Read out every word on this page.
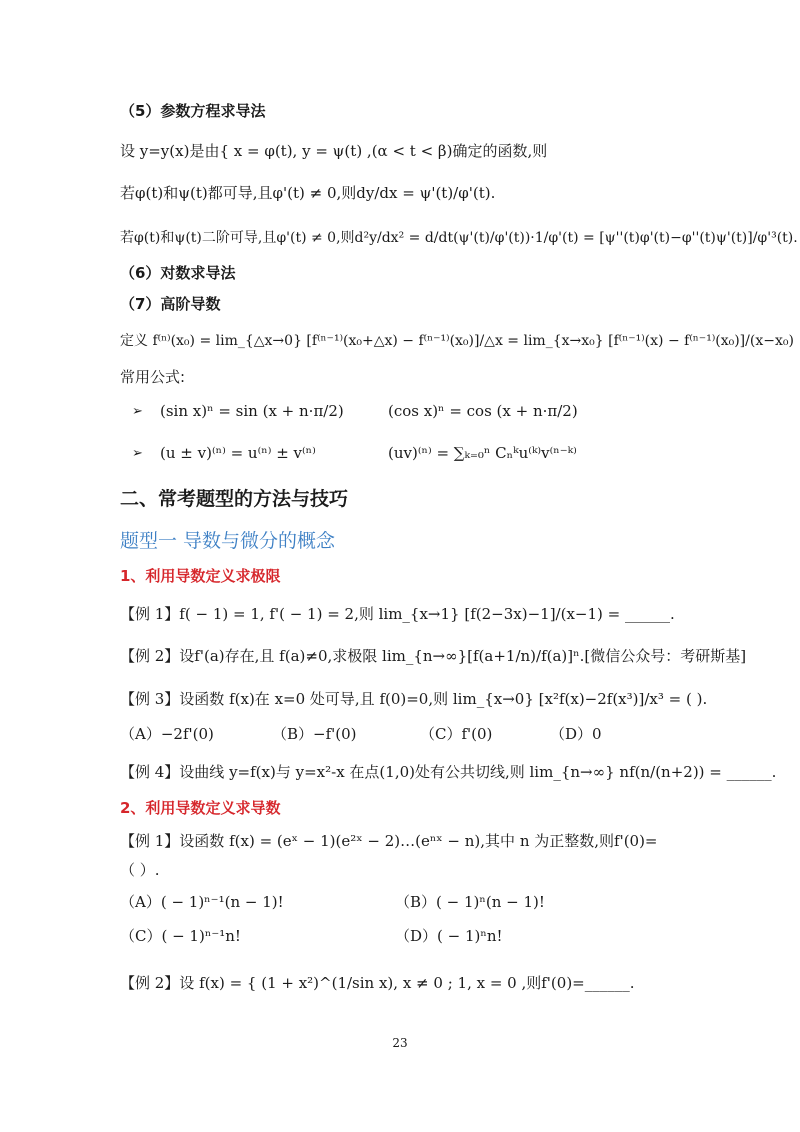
（5）参数方程求导法
设 y=y(x)是由{ x = φ(t), y = ψ(t) ,(α < t < β)确定的函数,则
若φ(t)和ψ(t)都可导,且φ'(t) ≠ 0,则dy/dx = ψ'(t)/φ'(t).
若φ(t)和ψ(t)二阶可导,且φ'(t) ≠ 0,则d²y/dx² = d/dt(ψ'(t)/φ'(t))·1/φ'(t) = [ψ''(t)φ'(t)−φ''(t)ψ'(t)]/φ'³(t).
（6）对数求导法
（7）高阶导数
定义 f⁽ⁿ⁾(x₀) = lim_{△x→0} [f⁽ⁿ⁻¹⁾(x₀+△x) − f⁽ⁿ⁻¹⁾(x₀)]/△x = lim_{x→x₀} [f⁽ⁿ⁻¹⁾(x) − f⁽ⁿ⁻¹⁾(x₀)]/(x−x₀)
常用公式:
➢ (sin x)ⁿ = sin (x + n·π/2)	(cos x)ⁿ = cos (x + n·π/2)
➢ (u ± v)⁽ⁿ⁾ = u⁽ⁿ⁾ ± v⁽ⁿ⁾	(uv)⁽ⁿ⁾ = ∑ₖ₌₀ⁿ Cₙᵏu⁽ᵏ⁾v⁽ⁿ⁻ᵏ⁾
二、常考题型的方法与技巧
题型一 导数与微分的概念
1、利用导数定义求极限
【例 1】f( − 1) = 1, f'( − 1) = 2,则 lim_{x→1} [f(2−3x)−1]/(x−1) = ______.
【例 2】设f'(a)存在,且 f(a)≠0,求极限 lim_{n→∞}[f(a+1/n)/f(a)]ⁿ.[微信公众号：考研斯基]
【例 3】设函数 f(x)在 x=0 处可导,且 f(0)=0,则 lim_{x→0} [x²f(x)−2f(x³)]/x³ = ( ).
（A）−2f'(0)	（B）−f'(0)	（C）f'(0)	（D）0
【例 4】设曲线 y=f(x)与 y=x²-x 在点(1,0)处有公共切线,则 lim_{n→∞} nf(n/(n+2)) = ______.
2、利用导数定义求导数
【例 1】设函数 f(x) = (eˣ − 1)(e²ˣ − 2)…(eⁿˣ − n),其中 n 为正整数,则f'(0)=
（ ）.
（A）( − 1)ⁿ⁻¹(n − 1)!	（B）( − 1)ⁿ(n − 1)!
（C）( − 1)ⁿ⁻¹n!	（D）( − 1)ⁿn!
【例 2】设 f(x) = { (1 + x²)^(1/sin x), x ≠ 0 ; 1, x = 0 ,则f'(0)=______.
23
